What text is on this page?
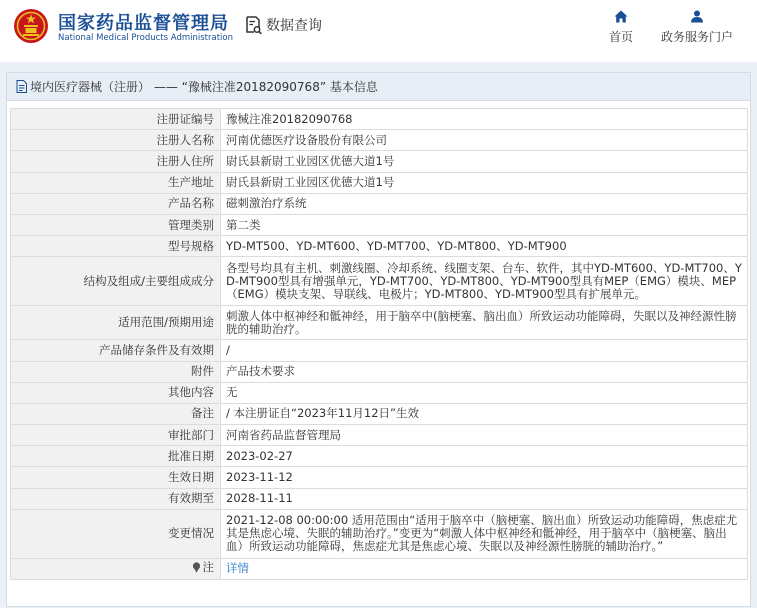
国家药品监督管理局
National Medical Products Administration
数据查询
首页 政务服务门户
境内医疗器械（注册） —— “豫械注准20182090768” 基本信息
注册证编号	豫械注准20182090768
注册人名称	河南优德医疗设备股份有限公司
注册人住所	尉氏县新尉工业园区优德大道1号
生产地址	尉氏县新尉工业园区优德大道1号
产品名称	磁刺激治疗系统
管理类别	第二类
型号规格	YD-MT500、YD-MT600、YD-MT700、YD-MT800、YD-MT900
结构及组成/主要组成成分	各型号均具有主机、刺激线圈、冷却系统、线圈支架、台车、软件，其中YD-MT600、YD-MT700、YD-MT900型具有增强单元，YD-MT700、YD-MT800、YD-MT900型具有MEP（EMG）模块、MEP（EMG）模块支架、导联线、电极片；YD-MT800、YD-MT900型具有扩展单元。
适用范围/预期用途	刺激人体中枢神经和骶神经，用于脑卒中(脑梗塞、脑出血）所致运动功能障碍，失眠以及神经源性膀胱的辅助治疗。
产品储存条件及有效期	/
附件	产品技术要求
其他内容	无
备注	/ 本注册证自“2023年11月12日”生效
审批部门	河南省药品监督管理局
批准日期	2023-02-27
生效日期	2023-11-12
有效期至	2028-11-11
变更情况	2021-12-08 00:00:00 适用范围由“适用于脑卒中（脑梗塞、脑出血）所致运动功能障碍，焦虑症尤其是焦虑心境、失眠的辅助治疗。”变更为“刺激人体中枢神经和骶神经，用于脑卒中（脑梗塞、脑出血）所致运动功能障碍，焦虑症尤其是焦虑心境、失眠以及神经源性膀胱的辅助治疗。”

注	详情
